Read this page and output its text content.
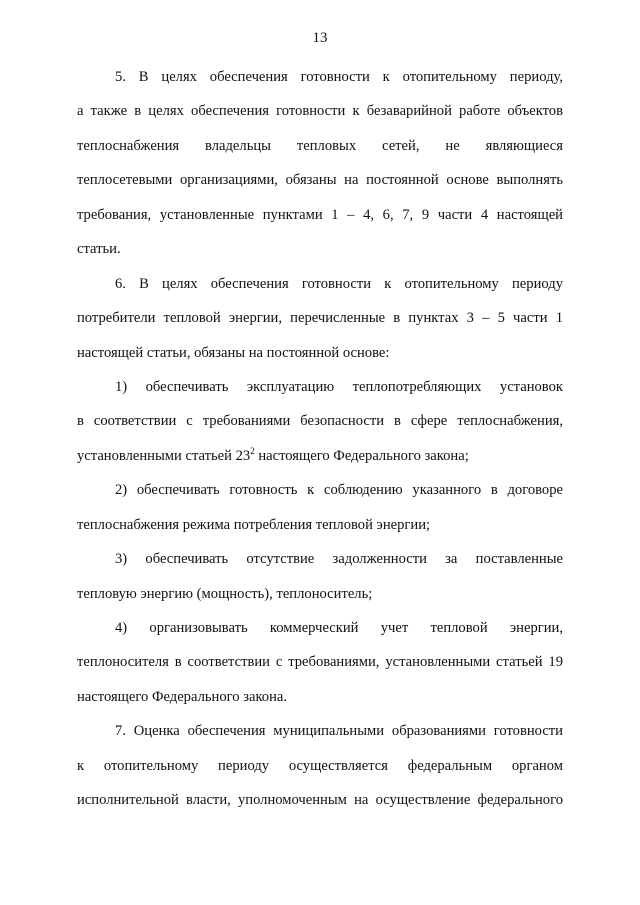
13
5. В целях обеспечения готовности к отопительному периоду,
а также в целях обеспечения готовности к безаварийной работе объектов
теплоснабжения владельцы тепловых сетей, не являющиеся
теплосетевыми организациями, обязаны на постоянной основе выполнять
требования, установленные пунктами 1 – 4, 6, 7, 9 части 4 настоящей
статьи.
6. В целях обеспечения готовности к отопительному периоду
потребители тепловой энергии, перечисленные в пунктах 3 – 5 части 1
настоящей статьи, обязаны на постоянной основе:
1) обеспечивать эксплуатацию теплопотребляющих установок
в соответствии с требованиями безопасности в сфере теплоснабжения,
установленными статьей $23^2$ настоящего Федерального закона;
2) обеспечивать готовность к соблюдению указанного в договоре
теплоснабжения режима потребления тепловой энергии;
3) обеспечивать отсутствие задолженности за поставленные
тепловую энергию (мощность), теплоноситель;
4) организовывать коммерческий учет тепловой энергии,
теплоносителя в соответствии с требованиями, установленными статьей 19
настоящего Федерального закона.
7. Оценка обеспечения муниципальными образованиями готовности
к отопительному периоду осуществляется федеральным органом
исполнительной власти, уполномоченным на осуществление федерального
